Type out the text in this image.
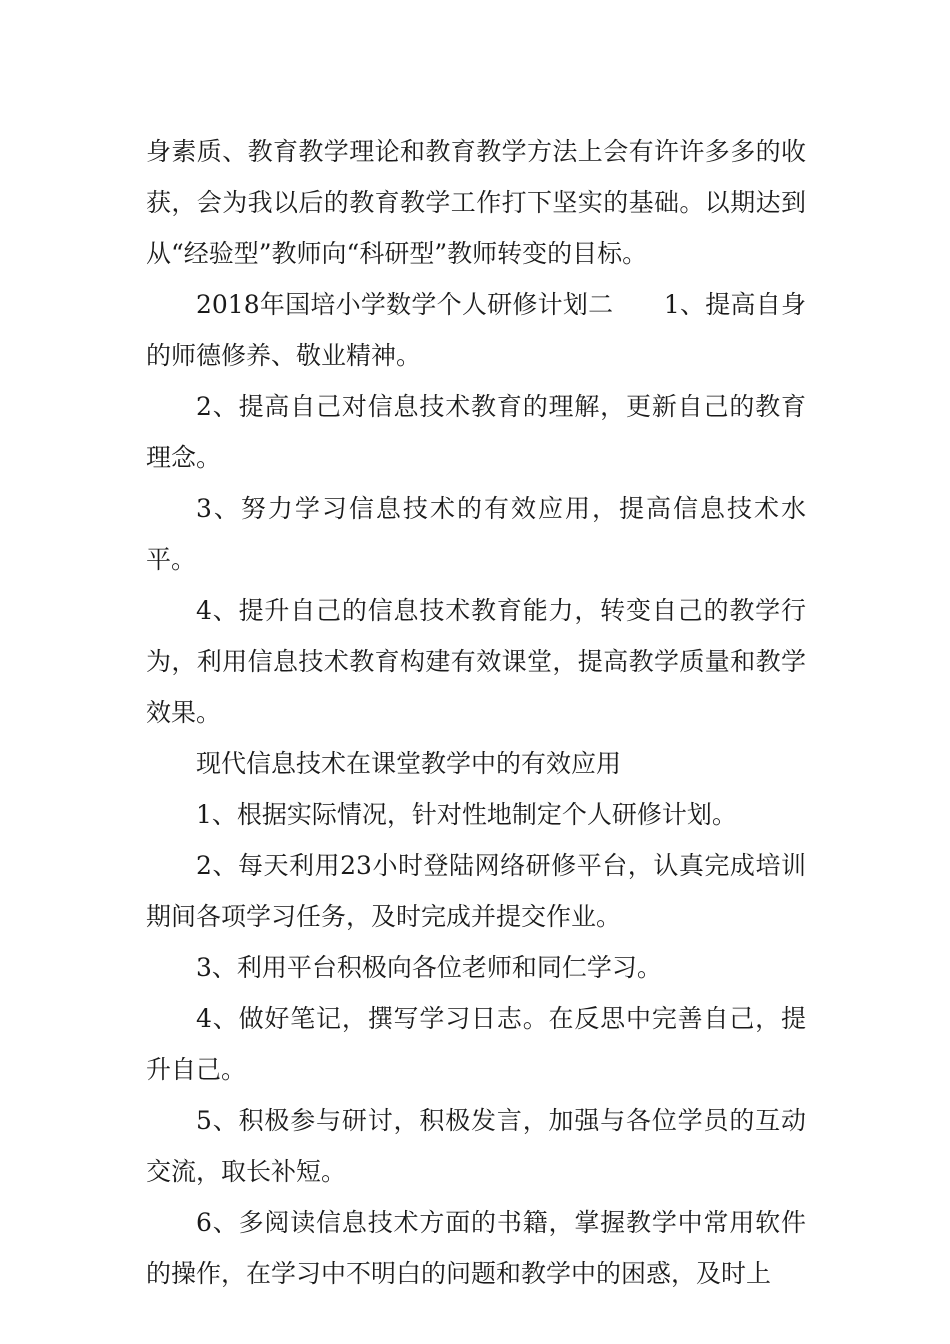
身素质、教育教学理论和教育教学方法上会有许许多多的收获，会为我以后的教育教学工作打下坚实的基础。以期达到从“经验型”教师向“科研型”教师转变的目标。

2018年国培小学数学个人研修计划二　　1、提高自身的师德修养、敬业精神。

2、提高自己对信息技术教育的理解，更新自己的教育理念。

3、努力学习信息技术的有效应用，提高信息技术水平。

4、提升自己的信息技术教育能力，转变自己的教学行为，利用信息技术教育构建有效课堂，提高教学质量和教学效果。

现代信息技术在课堂教学中的有效应用

1、根据实际情况，针对性地制定个人研修计划。

2、每天利用23小时登陆网络研修平台，认真完成培训期间各项学习任务，及时完成并提交作业。

3、利用平台积极向各位老师和同仁学习。

4、做好笔记，撰写学习日志。在反思中完善自己，提升自己。

5、积极参与研讨，积极发言，加强与各位学员的互动交流，取长补短。

6、多阅读信息技术方面的书籍，掌握教学中常用软件的操作，在学习中不明白的问题和教学中的困惑，及时上
